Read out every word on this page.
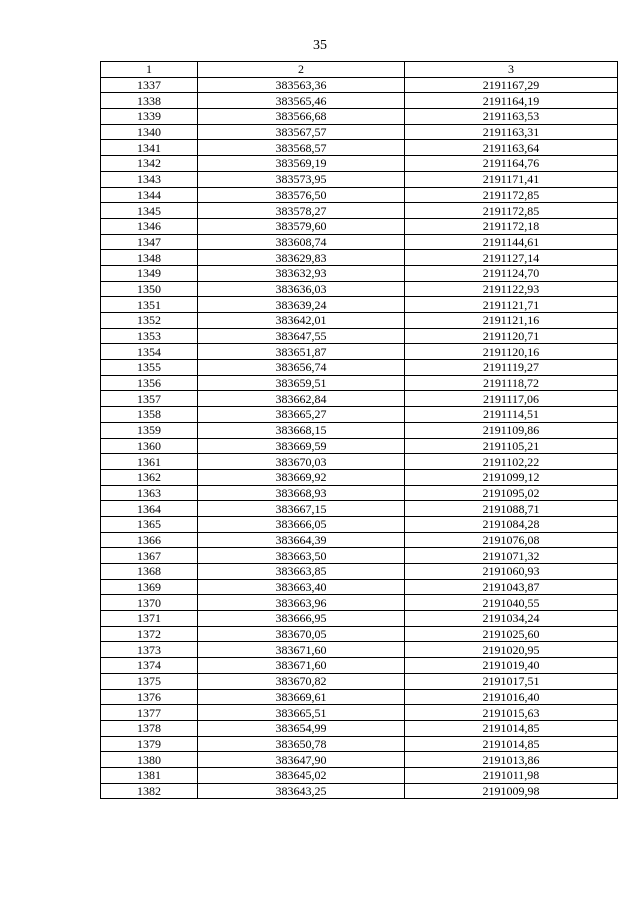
35
1	2	3
1337	383563,36	2191167,29
1338	383565,46	2191164,19
1339	383566,68	2191163,53
1340	383567,57	2191163,31
1341	383568,57	2191163,64
1342	383569,19	2191164,76
1343	383573,95	2191171,41
1344	383576,50	2191172,85
1345	383578,27	2191172,85
1346	383579,60	2191172,18
1347	383608,74	2191144,61
1348	383629,83	2191127,14
1349	383632,93	2191124,70
1350	383636,03	2191122,93
1351	383639,24	2191121,71
1352	383642,01	2191121,16
1353	383647,55	2191120,71
1354	383651,87	2191120,16
1355	383656,74	2191119,27
1356	383659,51	2191118,72
1357	383662,84	2191117,06
1358	383665,27	2191114,51
1359	383668,15	2191109,86
1360	383669,59	2191105,21
1361	383670,03	2191102,22
1362	383669,92	2191099,12
1363	383668,93	2191095,02
1364	383667,15	2191088,71
1365	383666,05	2191084,28
1366	383664,39	2191076,08
1367	383663,50	2191071,32
1368	383663,85	2191060,93
1369	383663,40	2191043,87
1370	383663,96	2191040,55
1371	383666,95	2191034,24
1372	383670,05	2191025,60
1373	383671,60	2191020,95
1374	383671,60	2191019,40
1375	383670,82	2191017,51
1376	383669,61	2191016,40
1377	383665,51	2191015,63
1378	383654,99	2191014,85
1379	383650,78	2191014,85
1380	383647,90	2191013,86
1381	383645,02	2191011,98
1382	383643,25	2191009,98
